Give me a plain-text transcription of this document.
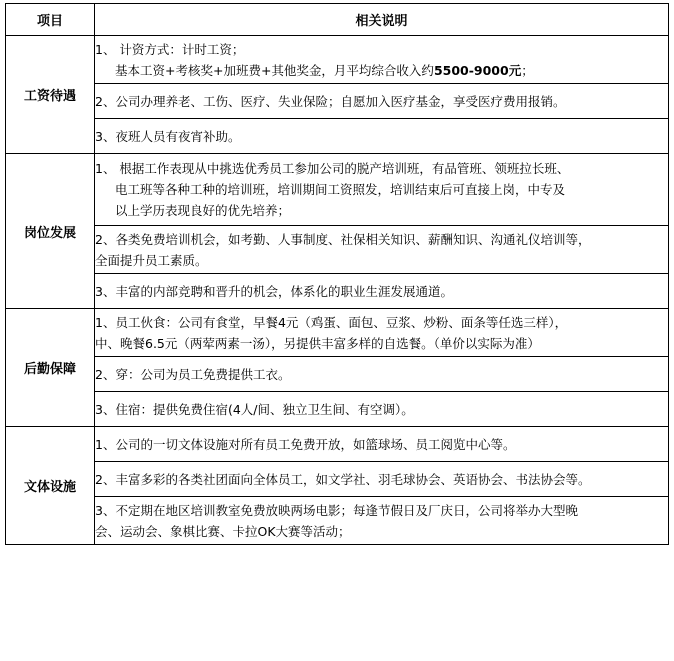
项目	相关说明
工资待遇	1、 计资方式：计时工资；
基本工资+考核奖+加班费+其他奖金，月平均综合收入约5500-9000元；

	2、公司办理养老、工伤、医疗、失业保险；自愿加入医疗基金，享受医疗费用报销。

	3、夜班人员有夜宵补助。

岗位发展	1、 根据工作表现从中挑选优秀员工参加公司的脱产培训班，有品管班、领班拉长班、
电工班等各种工种的培训班，培训期间工资照发，培训结束后可直接上岗，中专及
以上学历表现良好的优先培养；

	2、各类免费培训机会，如考勤、人事制度、社保相关知识、薪酬知识、沟通礼仪培训等，
全面提升员工素质。

	3、丰富的内部竞聘和晋升的机会，体系化的职业生涯发展通道。

后勤保障	1、员工伙食：公司有食堂，早餐4元（鸡蛋、面包、豆浆、炒粉、面条等任选三样），
中、晚餐6.5元（两荤两素一汤），另提供丰富多样的自选餐。（单价以实际为准）

	2、穿：公司为员工免费提供工衣。

	3、住宿：提供免费住宿(4人/间、独立卫生间、有空调）。

文体设施	1、公司的一切文体设施对所有员工免费开放，如篮球场、员工阅览中心等。

	2、丰富多彩的各类社团面向全体员工，如文学社、羽毛球协会、英语协会、书法协会等。

	3、不定期在地区培训教室免费放映两场电影；每逢节假日及厂庆日，公司将举办大型晚
会、运动会、象棋比赛、卡拉OK大赛等活动；
